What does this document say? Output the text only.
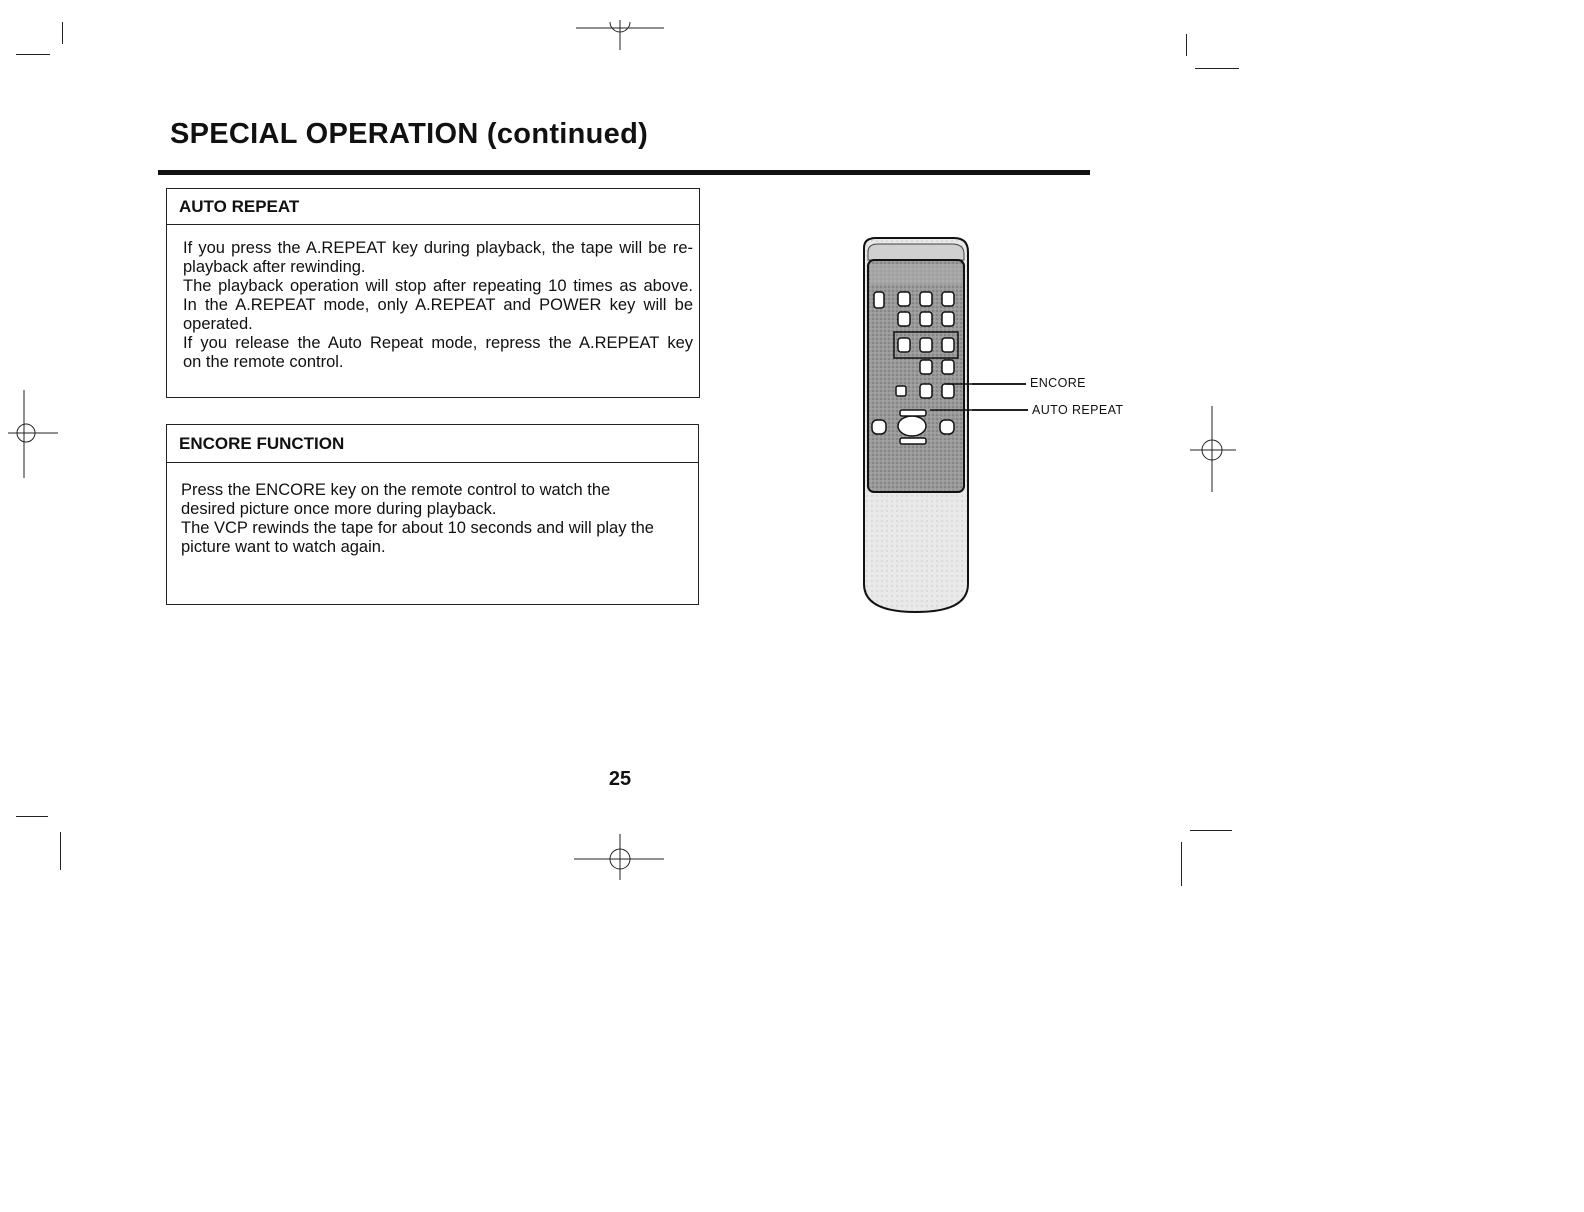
SPECIAL OPERATION (continued)
AUTO REPEAT

If you press the A.REPEAT key during playback, the tape will be re-

playback after rewinding.

The playback operation will stop after repeating 10 times as above.

In the A.REPEAT mode, only A.REPEAT and POWER key will be

operated.

If you release the Auto Repeat mode, repress the A.REPEAT key

on the remote control.

ENCORE FUNCTION

Press the ENCORE key on the remote control to watch the

desired picture once more during playback.

The VCP rewinds the tape for about 10 seconds and will play the

picture want to watch again.

ENCORE
AUTO REPEAT
25
